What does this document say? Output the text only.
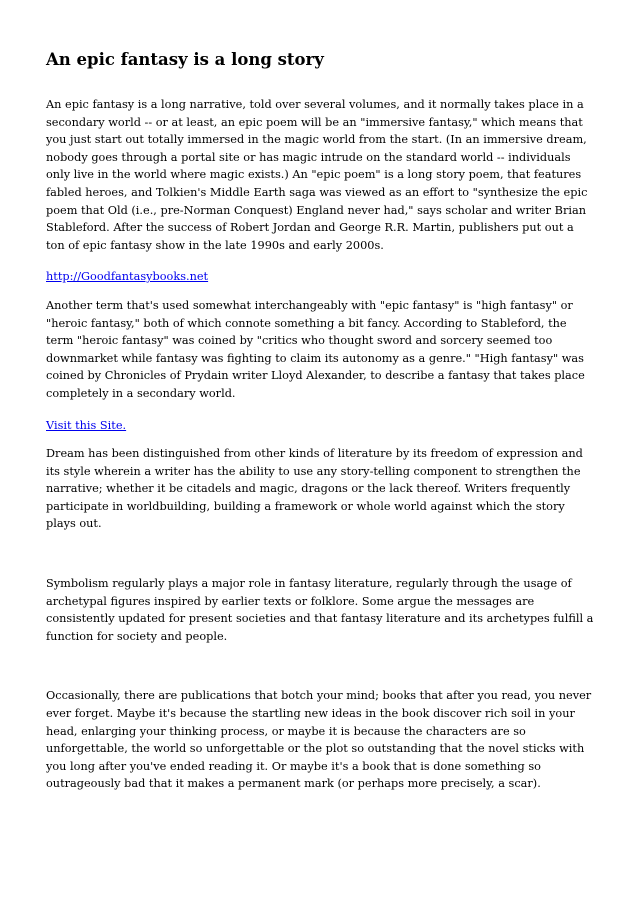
An epic fantasy is a long story

An epic fantasy is a long narrative, told over several volumes, and it normally takes place in a secondary world -- or at least, an epic poem will be an "immersive fantasy," which means that you just start out totally immersed in the magic world from the start. (In an immersive dream, nobody goes through a portal site or has magic intrude on the standard world -- individuals only live in the world where magic exists.) An "epic poem" is a long story poem, that features fabled heroes, and Tolkien's Middle Earth saga was viewed as an effort to "synthesize the epic poem that Old (i.e., pre-Norman Conquest) England never had," says scholar and writer Brian Stableford. After the success of Robert Jordan and George R.R. Martin, publishers put out a ton of epic fantasy show in the late 1990s and early 2000s.

http://Goodfantasybooks.net

Another term that's used somewhat interchangeably with "epic fantasy" is "high fantasy" or "heroic fantasy," both of which connote something a bit fancy. According to Stableford, the term "heroic fantasy" was coined by "critics who thought sword and sorcery seemed too downmarket while fantasy was fighting to claim its autonomy as a genre." "High fantasy" was coined by Chronicles of Prydain writer Lloyd Alexander, to describe a fantasy that takes place completely in a secondary world.

Visit this Site.

Dream has been distinguished from other kinds of literature by its freedom of expression and its style wherein a writer has the ability to use any story-telling component to strengthen the narrative; whether it be citadels and magic, dragons or the lack thereof. Writers frequently participate in worldbuilding, building a framework or whole world against which the story plays out.

Symbolism regularly plays a major role in fantasy literature, regularly through the usage of archetypal figures inspired by earlier texts or folklore. Some argue the messages are consistently updated for present societies and that fantasy literature and its archetypes fulfill a function for society and people.

Occasionally, there are publications that botch your mind; books that after you read, you never ever forget. Maybe it's because the startling new ideas in the book discover rich soil in your head, enlarging your thinking process, or maybe it is because the characters are so unforgettable, the world so unforgettable or the plot so outstanding that the novel sticks with you long after you've ended reading it. Or maybe it's a book that is done something so outrageously bad that it makes a permanent mark (or perhaps more precisely, a scar).
